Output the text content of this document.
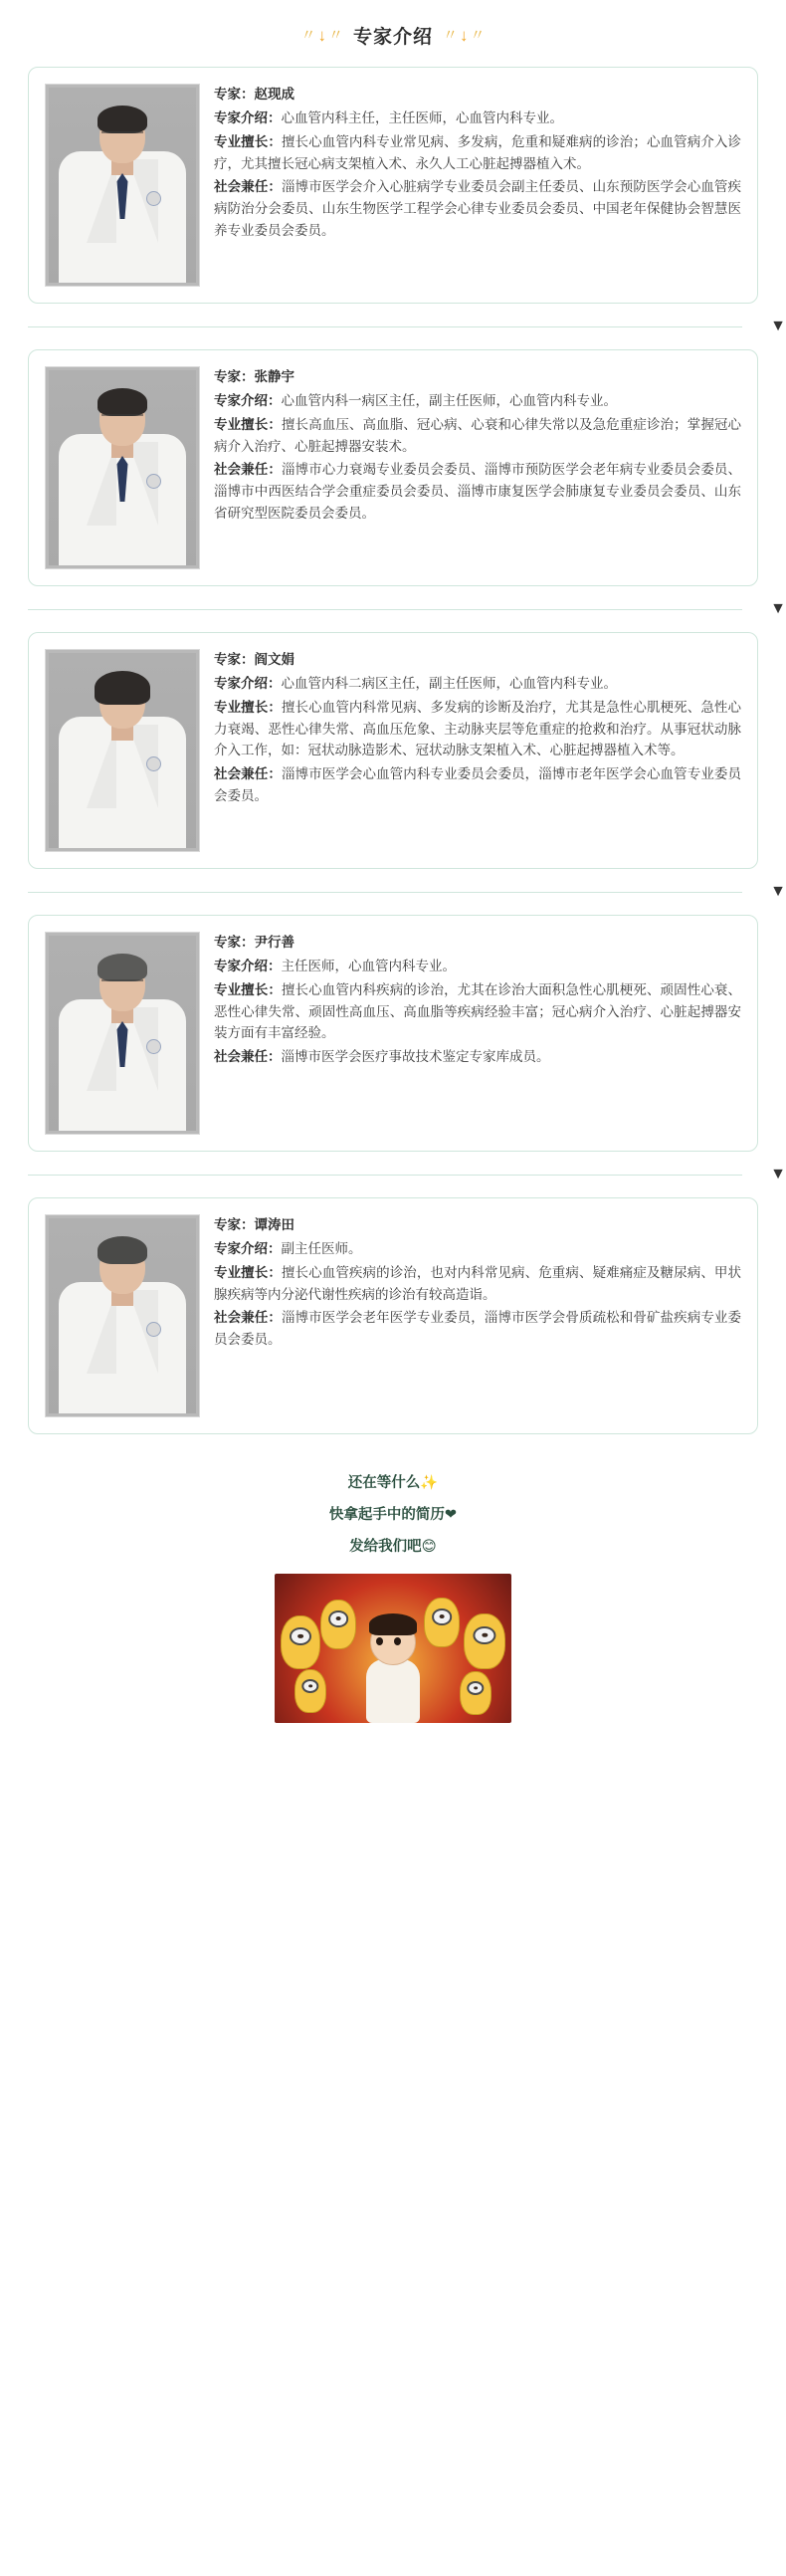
〃 ↓ 〃 专家介绍 〃 ↓ 〃

专家：赵现成

专家介绍：心血管内科主任，主任医师，心血管内科专业。

专业擅长：擅长心血管内科专业常见病、多发病，危重和疑难病的诊治；心血管病介入诊疗，尤其擅长冠心病支架植入术、永久人工心脏起搏器植入术。

社会兼任：淄博市医学会介入心脏病学专业委员会副主任委员、山东预防医学会心血管疾病防治分会委员、山东生物医学工程学会心律专业委员会委员、中国老年保健协会智慧医养专业委员会委员。

▼

专家：张静宇

专家介绍：心血管内科一病区主任，副主任医师，心血管内科专业。

专业擅长：擅长高血压、高血脂、冠心病、心衰和心律失常以及急危重症诊治；掌握冠心病介入治疗、心脏起搏器安装术。

社会兼任：淄博市心力衰竭专业委员会委员、淄博市预防医学会老年病专业委员会委员、淄博市中西医结合学会重症委员会委员、淄博市康复医学会肺康复专业委员会委员、山东省研究型医院委员会委员。

▼

专家：阎文娟

专家介绍：心血管内科二病区主任，副主任医师，心血管内科专业。

专业擅长：擅长心血管内科常见病、多发病的诊断及治疗，尤其是急性心肌梗死、急性心力衰竭、恶性心律失常、高血压危象、主动脉夹层等危重症的抢救和治疗。从事冠状动脉介入工作，如：冠状动脉造影术、冠状动脉支架植入术、心脏起搏器植入术等。

社会兼任：淄博市医学会心血管内科专业委员会委员，淄博市老年医学会心血管专业委员会委员。

▼

专家：尹行善

专家介绍：主任医师，心血管内科专业。

专业擅长：擅长心血管内科疾病的诊治，尤其在诊治大面积急性心肌梗死、顽固性心衰、恶性心律失常、顽固性高血压、高血脂等疾病经验丰富；冠心病介入治疗、心脏起搏器安装方面有丰富经验。

社会兼任：淄博市医学会医疗事故技术鉴定专家库成员。

▼

专家：谭涛田

专家介绍：副主任医师。

专业擅长：擅长心血管疾病的诊治，也对内科常见病、危重病、疑难痛症及糖尿病、甲状腺疾病等内分泌代谢性疾病的诊治有较高造诣。

社会兼任：淄博市医学会老年医学专业委员，淄博市医学会骨质疏松和骨矿盐疾病专业委员会委员。

还在等什么✨
快拿起手中的简历❤
发给我们吧😊
